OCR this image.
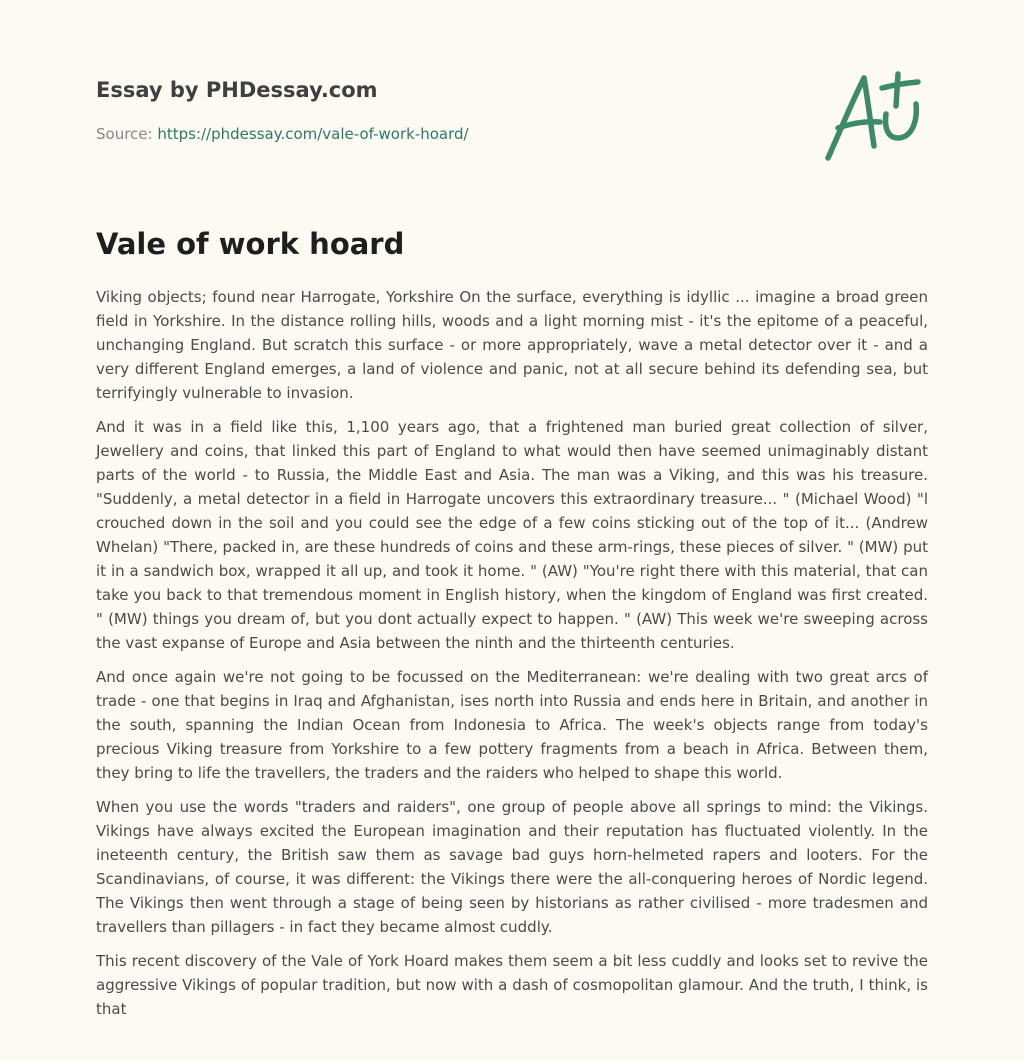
Essay by PHDessay.com
Source: https://phdessay.com/vale-of-work-hoard/
Vale of work hoard

Viking objects; found near Harrogate, Yorkshire On the surface, everything is idyllic ... imagine a broad green field in Yorkshire. In the distance rolling hills, woods and a light morning mist - it's the epitome of a peaceful, unchanging England. But scratch this surface - or more appropriately, wave a metal detector over it - and a very different England emerges, a land of violence and panic, not at all secure behind its defending sea, but terrifyingly vulnerable to invasion.

And it was in a field like this, 1,100 years ago, that a frightened man buried great collection of silver, Jewellery and coins, that linked this part of England to what would then have seemed unimaginably distant parts of the world - to Russia, the Middle East and Asia. The man was a Viking, and this was his treasure. "Suddenly, a metal detector in a field in Harrogate uncovers this extraordinary treasure... " (Michael Wood) "l crouched down in the soil and you could see the edge of a few coins sticking out of the top of it... (Andrew Whelan) "There, packed in, are these hundreds of coins and these arm-rings, these pieces of silver. " (MW) put it in a sandwich box, wrapped it all up, and took it home. " (AW) "You're right there with this material, that can take you back to that tremendous moment in English history, when the kingdom of England was first created. " (MW) things you dream of, but you dont actually expect to happen. " (AW) This week we're sweeping across the vast expanse of Europe and Asia between the ninth and the thirteenth centuries.

And once again we're not going to be focussed on the Mediterranean: we're dealing with two great arcs of trade - one that begins in Iraq and Afghanistan, ises north into Russia and ends here in Britain, and another in the south, spanning the Indian Ocean from Indonesia to Africa. The week's objects range from today's precious Viking treasure from Yorkshire to a few pottery fragments from a beach in Africa. Between them, they bring to life the travellers, the traders and the raiders who helped to shape this world.

When you use the words "traders and raiders", one group of people above all springs to mind: the Vikings. Vikings have always excited the European imagination and their reputation has fluctuated violently. In the ineteenth century, the British saw them as savage bad guys horn-helmeted rapers and looters. For the Scandinavians, of course, it was different: the Vikings there were the all-conquering heroes of Nordic legend. The Vikings then went through a stage of being seen by historians as rather civilised - more tradesmen and travellers than pillagers - in fact they became almost cuddly.

This recent discovery of the Vale of York Hoard makes them seem a bit less cuddly and looks set to revive the aggressive Vikings of popular tradition, but now with a dash of cosmopolitan glamour. And the truth, I think, is that
